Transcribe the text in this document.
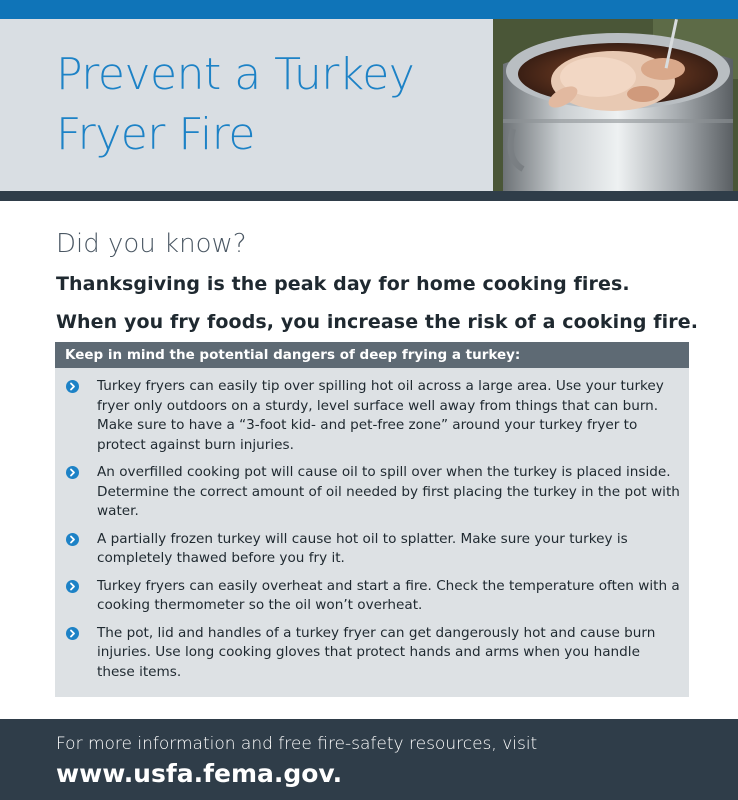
Prevent a Turkey
Fryer Fire
Did you know?
Thanksgiving is the peak day for home cooking fires.
When you fry foods, you increase the risk of a cooking fire.
Keep in mind the potential dangers of deep frying a turkey:
Turkey fryers can easily tip over spilling hot oil across a large area. Use your turkey fryer only outdoors on a sturdy, level surface well away from things that can burn. Make sure to have a “3-foot kid- and pet-free zone” around your turkey fryer to protect against burn injuries.
An overfilled cooking pot will cause oil to spill over when the turkey is placed inside. Determine the correct amount of oil needed by first placing the turkey in the pot with water.
A partially frozen turkey will cause hot oil to splatter. Make sure your turkey is completely thawed before you fry it.
Turkey fryers can easily overheat and start a fire. Check the temperature often with a cooking thermometer so the oil won’t overheat.
The pot, lid and handles of a turkey fryer can get dangerously hot and cause burn injuries. Use long cooking gloves that protect hands and arms when you handle these items.
For more information and free fire-safety resources, visit
www.usfa.fema.gov.
